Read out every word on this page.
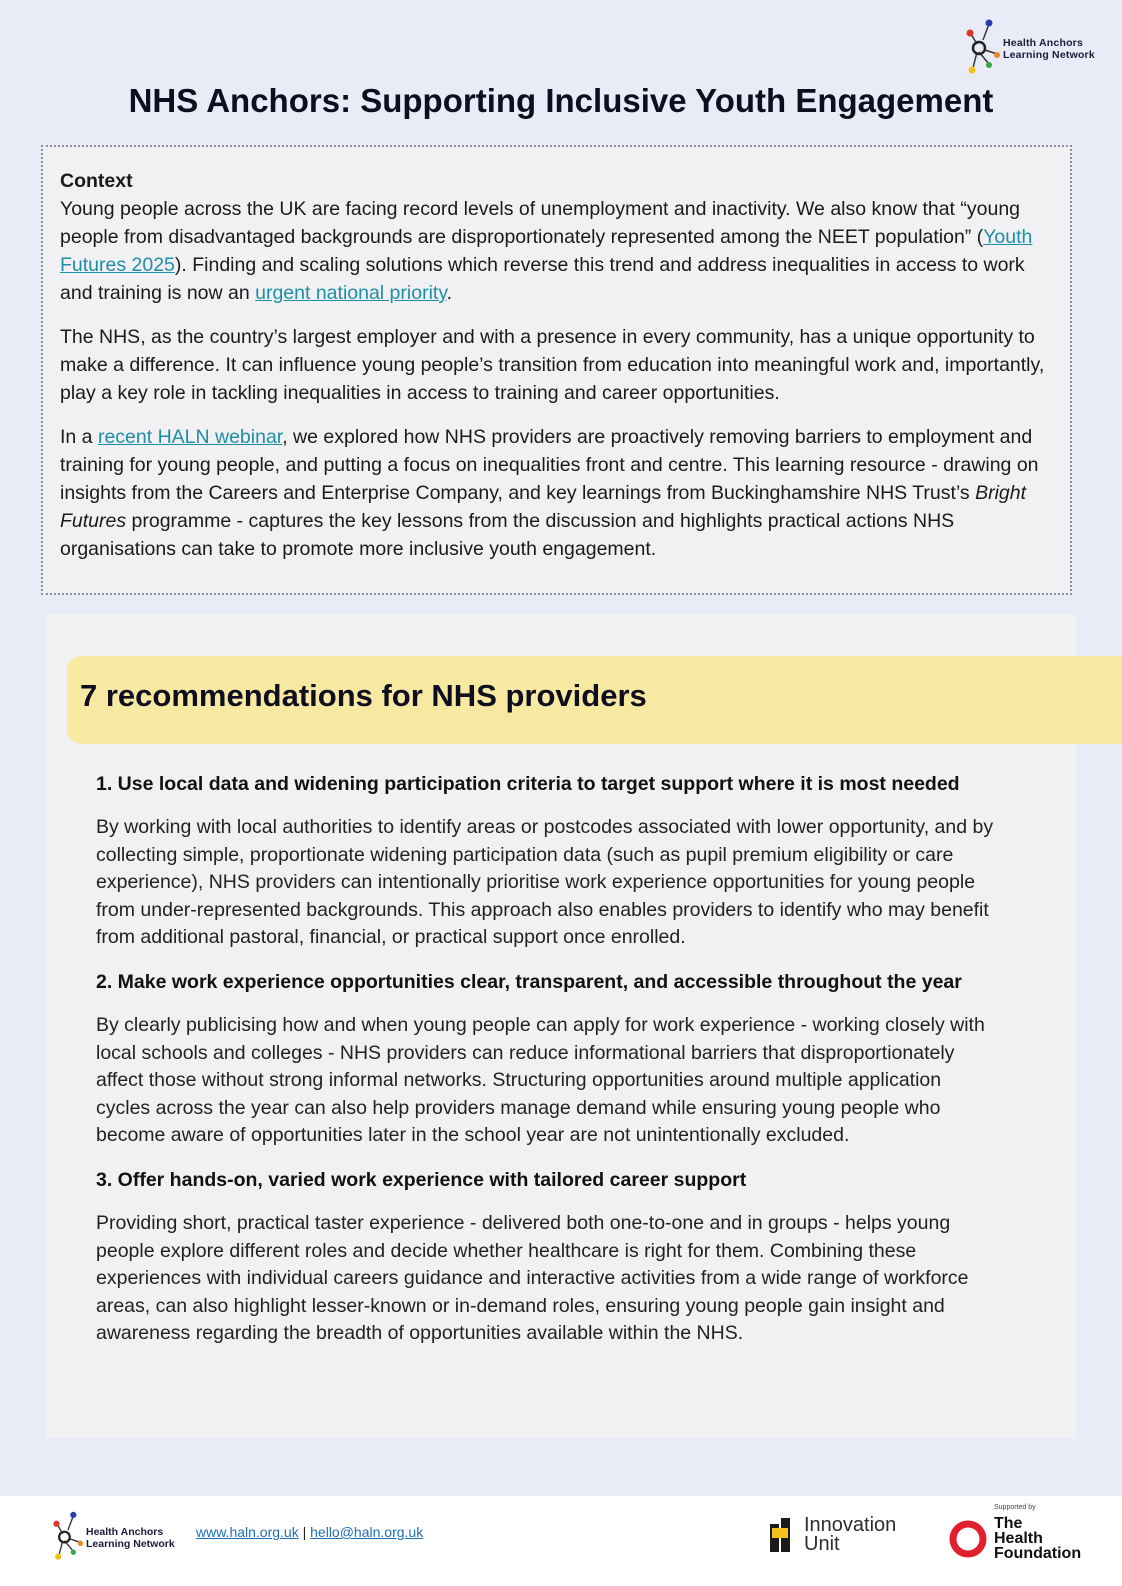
Health Anchors
Learning Network
NHS Anchors: Supporting Inclusive Youth Engagement
Context

Young people across the UK are facing record levels of unemployment and inactivity. We also know that “young people from disadvantaged backgrounds are disproportionately represented among the NEET population” (Youth Futures 2025). Finding and scaling solutions which reverse this trend and address inequalities in access to work and training is now an urgent national priority.

The NHS, as the country’s largest employer and with a presence in every community, has a unique opportunity to make a difference. It can influence young people’s transition from education into meaningful work and, importantly, play a key role in tackling inequalities in access to training and career opportunities.

In a recent HALN webinar, we explored how NHS providers are proactively removing barriers to employment and training for young people, and putting a focus on inequalities front and centre. This learning resource - drawing on insights from the Careers and Enterprise Company, and key learnings from Buckinghamshire NHS Trust’s Bright Futures programme - captures the key lessons from the discussion and highlights practical actions NHS organisations can take to promote more inclusive youth engagement.

7 recommendations for NHS providers
1. Use local data and widening participation criteria to target support where it is most needed

By working with local authorities to identify areas or postcodes associated with lower opportunity, and by collecting simple, proportionate widening participation data (such as pupil premium eligibility or care experience), NHS providers can intentionally prioritise work experience opportunities for young people from under-represented backgrounds. This approach also enables providers to identify who may benefit from additional pastoral, financial, or practical support once enrolled.

2. Make work experience opportunities clear, transparent, and accessible throughout the year

By clearly publicising how and when young people can apply for work experience - working closely with local schools and colleges - NHS providers can reduce informational barriers that disproportionately affect those without strong informal networks. Structuring opportunities around multiple application cycles across the year can also help providers manage demand while ensuring young people who become aware of opportunities later in the school year are not unintentionally excluded.

3. Offer hands-on, varied work experience with tailored career support

Providing short, practical taster experience - delivered both one-to-one and in groups - helps young people explore different roles and decide whether healthcare is right for them. Combining these experiences with individual careers guidance and interactive activities from a wide range of workforce areas, can also highlight lesser-known or in-demand roles, ensuring young people gain insight and awareness regarding the breadth of opportunities available within the NHS.

Health Anchors
Learning Network
www.haln.org.uk | hello@haln.org.uk	Innovation
Unit
Supported by
The
Health
Foundation
